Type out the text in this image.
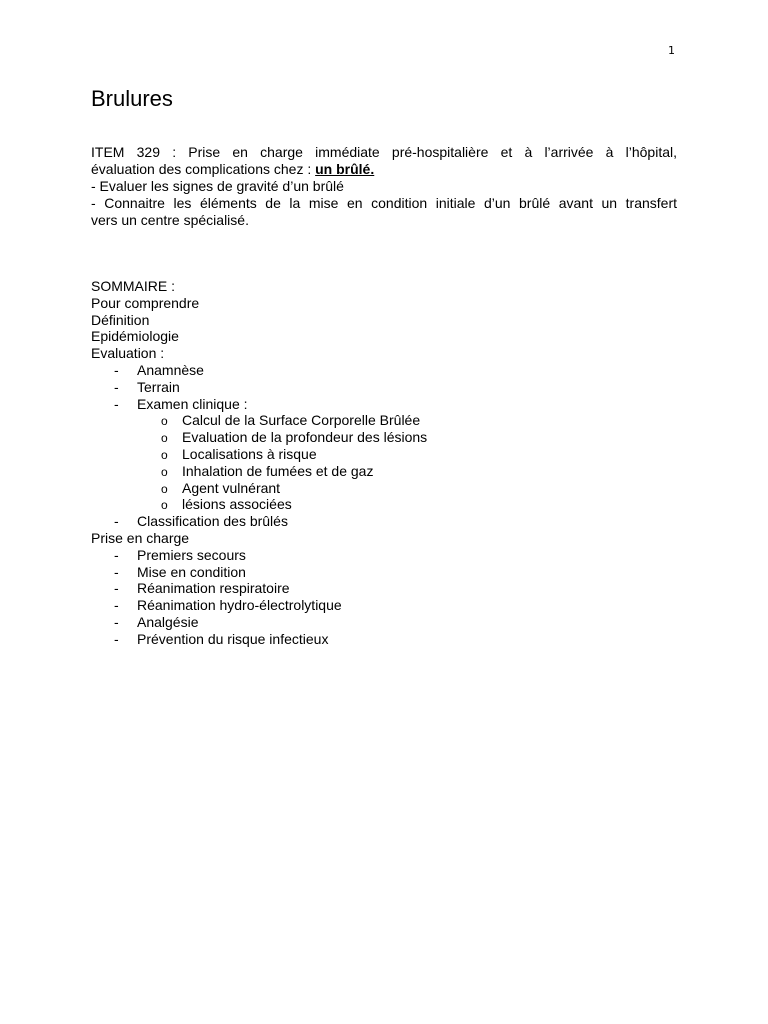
1
Brulures
ITEM 329 : Prise en charge immédiate pré-hospitalière et à l’arrivée à l’hôpital,
évaluation des complications chez : un brûlé.
- Evaluer les signes de gravité d’un brûlé
- Connaitre les éléments de la mise en condition initiale d’un brûlé avant un transfert
vers un centre spécialisé.
SOMMAIRE :
Pour comprendre
Définition
Epidémiologie
Evaluation :
- Anamnèse
- Terrain
- Examen clinique :
o Calcul de la Surface Corporelle Brûlée
o Evaluation de la profondeur des lésions
o Localisations à risque
o Inhalation de fumées et de gaz
o Agent vulnérant
o lésions associées
- Classification des brûlés
Prise en charge
- Premiers secours
- Mise en condition
- Réanimation respiratoire
- Réanimation hydro-électrolytique
- Analgésie
- Prévention du risque infectieux
